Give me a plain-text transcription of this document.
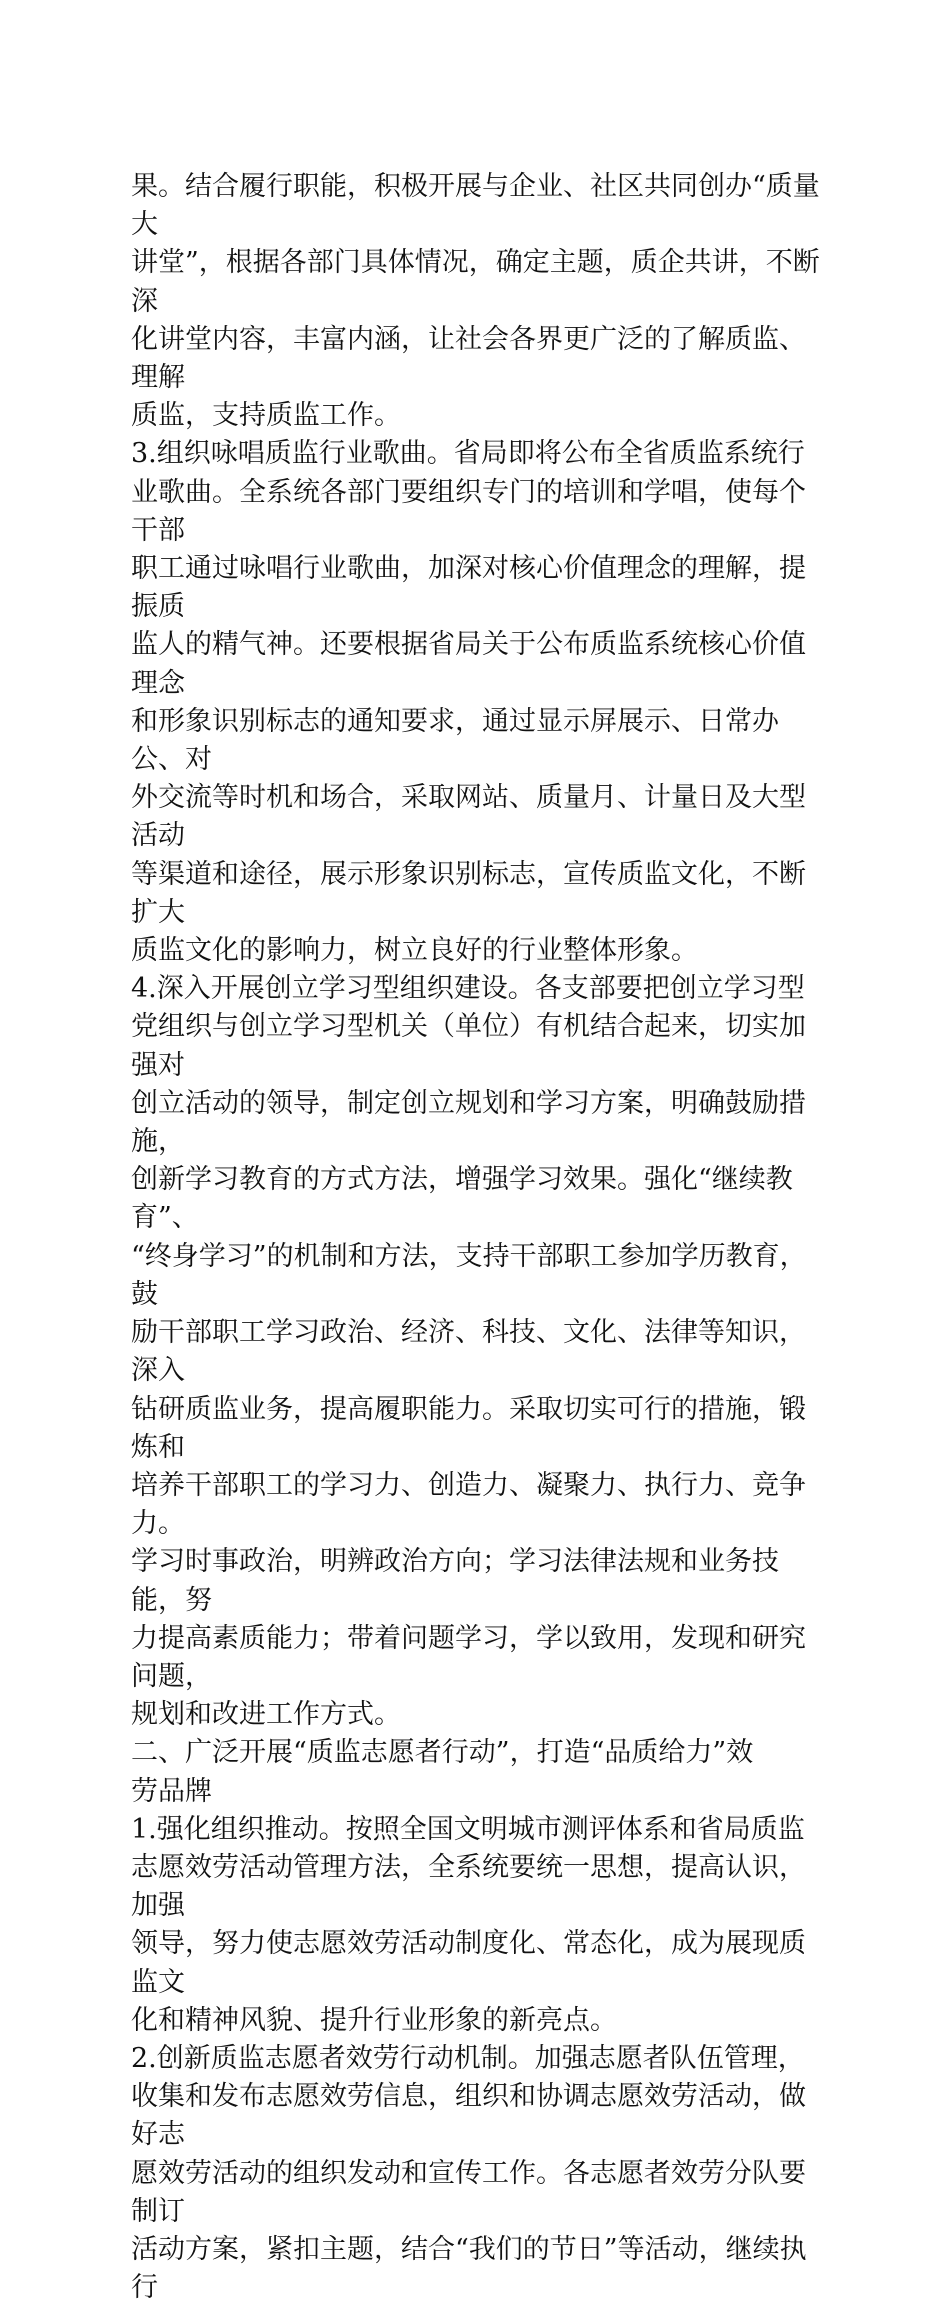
果。结合履行职能，积极开展与企业、社区共同创办“质量大
讲堂”，根据各部门具体情况，确定主题，质企共讲，不断深
化讲堂内容，丰富内涵，让社会各界更广泛的了解质监、理解
质监，支持质监工作。

3.组织咏唱质监行业歌曲。省局即将公布全省质监系统行
业歌曲。全系统各部门要组织专门的培训和学唱，使每个干部
职工通过咏唱行业歌曲，加深对核心价值理念的理解，提振质
监人的精气神。还要根据省局关于公布质监系统核心价值理念
和形象识别标志的通知要求，通过显示屏展示、日常办公、对
外交流等时机和场合，采取网站、质量月、计量日及大型活动
等渠道和途径，展示形象识别标志，宣传质监文化，不断扩大
质监文化的影响力，树立良好的行业整体形象。

4.深入开展创立学习型组织建设。各支部要把创立学习型
党组织与创立学习型机关（单位）有机结合起来，切实加强对
创立活动的领导，制定创立规划和学习方案，明确鼓励措施，
创新学习教育的方式方法，增强学习效果。强化“继续教育”、
“终身学习”的机制和方法，支持干部职工参加学历教育，鼓
励干部职工学习政治、经济、科技、文化、法律等知识，深入
钻研质监业务，提高履职能力。采取切实可行的措施，锻炼和
培养干部职工的学习力、创造力、凝聚力、执行力、竞争力。
学习时事政治，明辨政治方向；学习法律法规和业务技能，努
力提高素质能力；带着问题学习，学以致用，发现和研究问题，
规划和改进工作方式。

二、广泛开展“质监志愿者行动”，打造“品质给力”效
劳品牌

1.强化组织推动。按照全国文明城市测评体系和省局质监
志愿效劳活动管理方法，全系统要统一思想，提高认识，加强
领导，努力使志愿效劳活动制度化、常态化，成为展现质监文
化和精神风貌、提升行业形象的新亮点。

2.创新质监志愿者效劳行动机制。加强志愿者队伍管理，
收集和发布志愿效劳信息，组织和协调志愿效劳活动，做好志
愿效劳活动的组织发动和宣传工作。各志愿者效劳分队要制订
活动方案，紧扣主题，结合“我们的节日”等活动，继续执行
